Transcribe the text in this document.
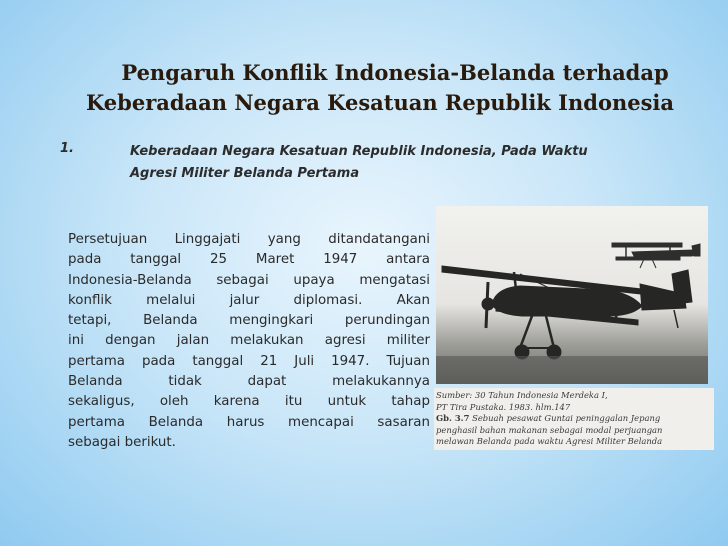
Pengaruh Konflik Indonesia-Belanda terhadap
Keberadaan Negara Kesatuan Republik Indonesia
1.	Keberadaan Negara Kesatuan Republik Indonesia, Pada Waktu
Agresi Militer Belanda Pertama
Persetujuan Linggajati yang ditandatangani
pada tanggal 25 Maret 1947 antara
Indonesia-Belanda sebagai upaya mengatasi
konflik melalui jalur diplomasi. Akan
tetapi, Belanda mengingkari perundingan
ini dengan jalan melakukan agresi militer
pertama pada tanggal 21 Juli 1947. Tujuan
Belanda tidak dapat melakukannya
sekaligus, oleh karena itu untuk tahap
pertama Belanda harus mencapai sasaran
sebagai berikut.
Sumber: 30 Tahun Indonesia Merdeka I,
PT Tira Pustaka. 1983. hlm.147
Gb. 3.7 Sebuah pesawat Guntai peninggalan Jepang
penghasil bahan makanan sebagai modal perjuangan
melawan Belanda pada waktu Agresi Militer Belanda
